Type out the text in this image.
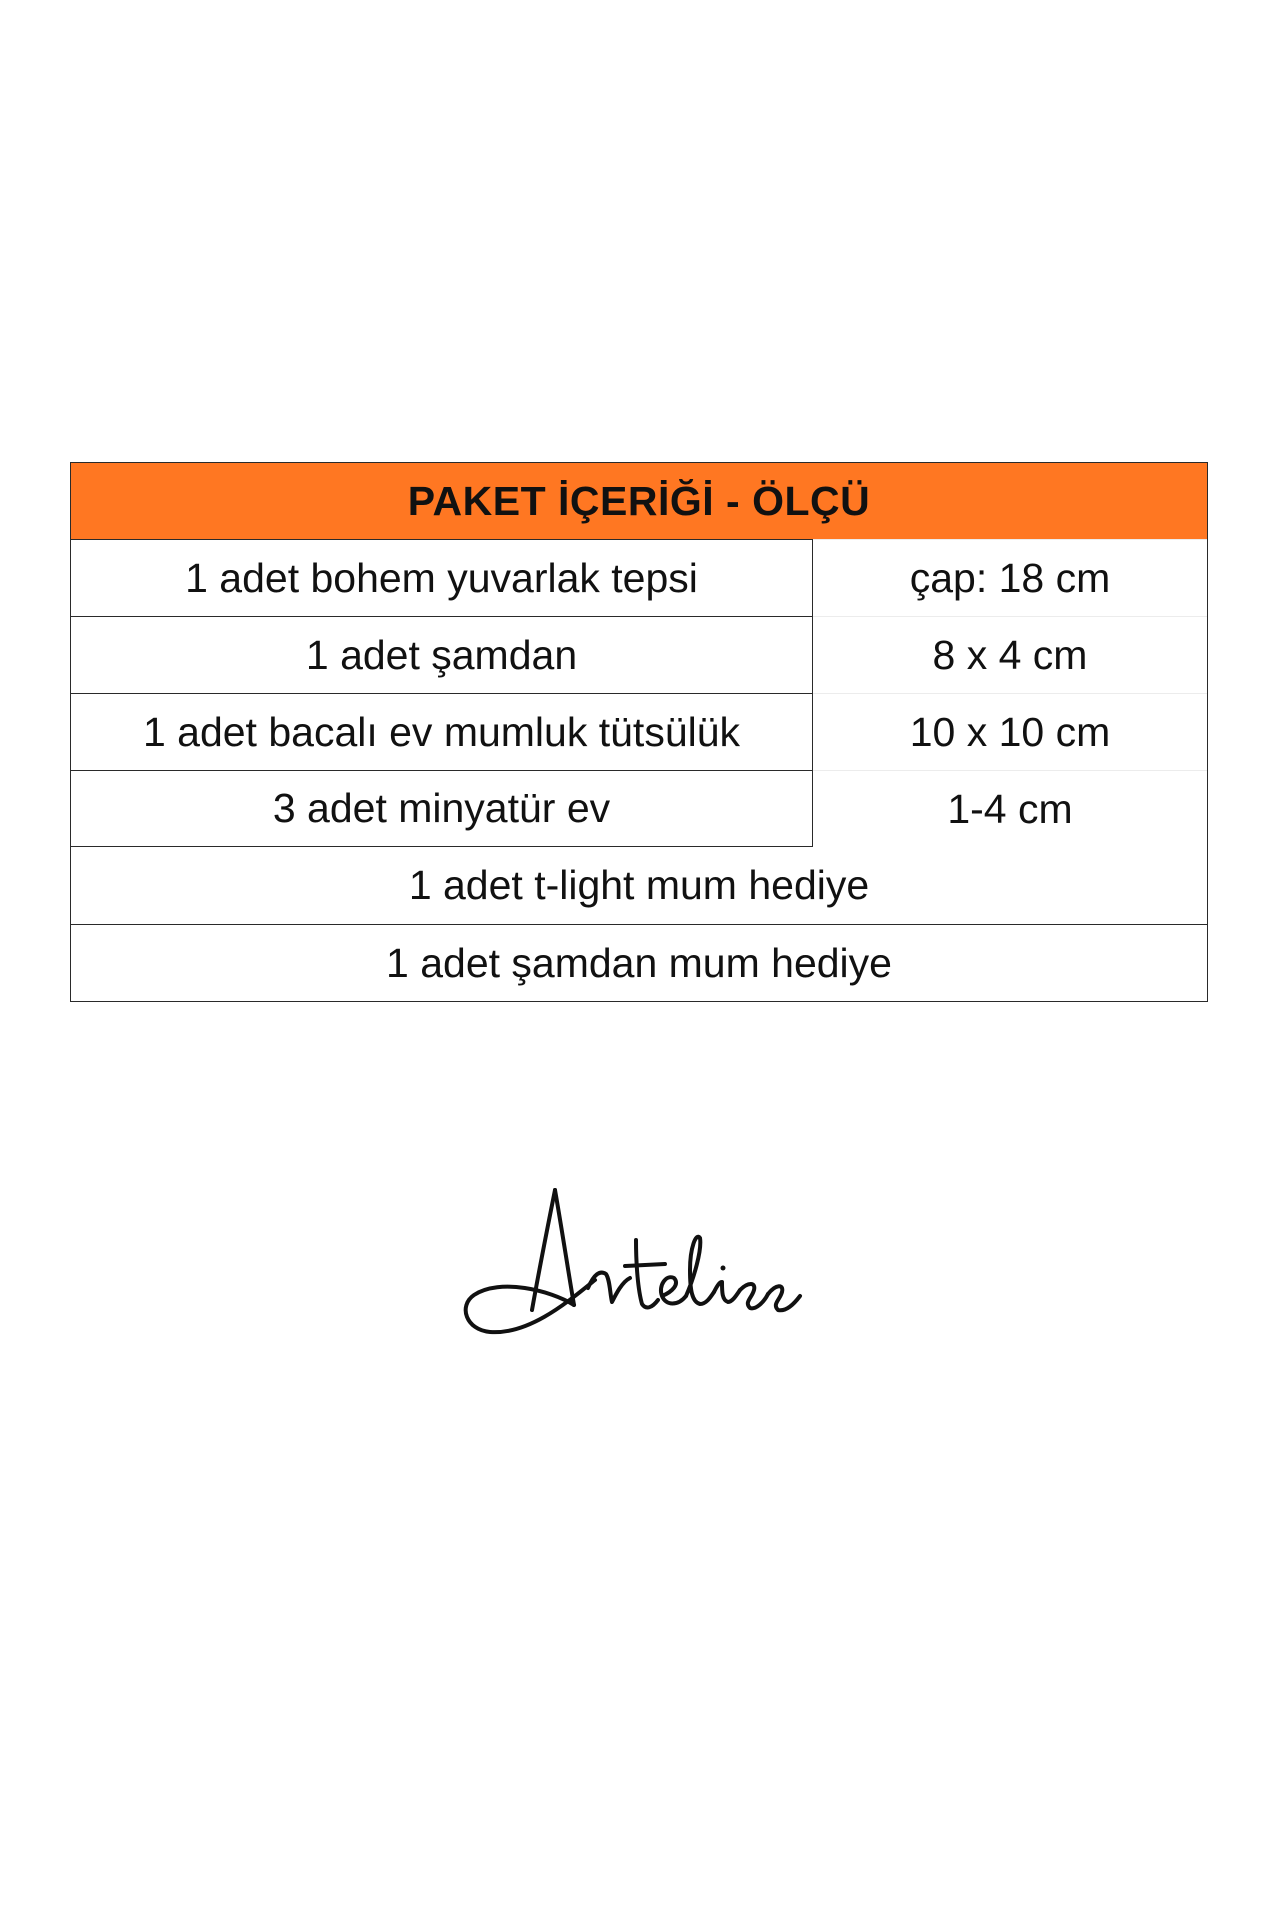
PAKET İÇERİĞİ - ÖLÇÜ
1 adet bohem yuvarlak tepsi	çap: 18 cm
1 adet şamdan	8 x 4 cm
1 adet bacalı ev mumluk tütsülük	10 x 10 cm
3 adet minyatür ev	1-4 cm
1 adet t-light mum hediye
1 adet şamdan mum hediye
